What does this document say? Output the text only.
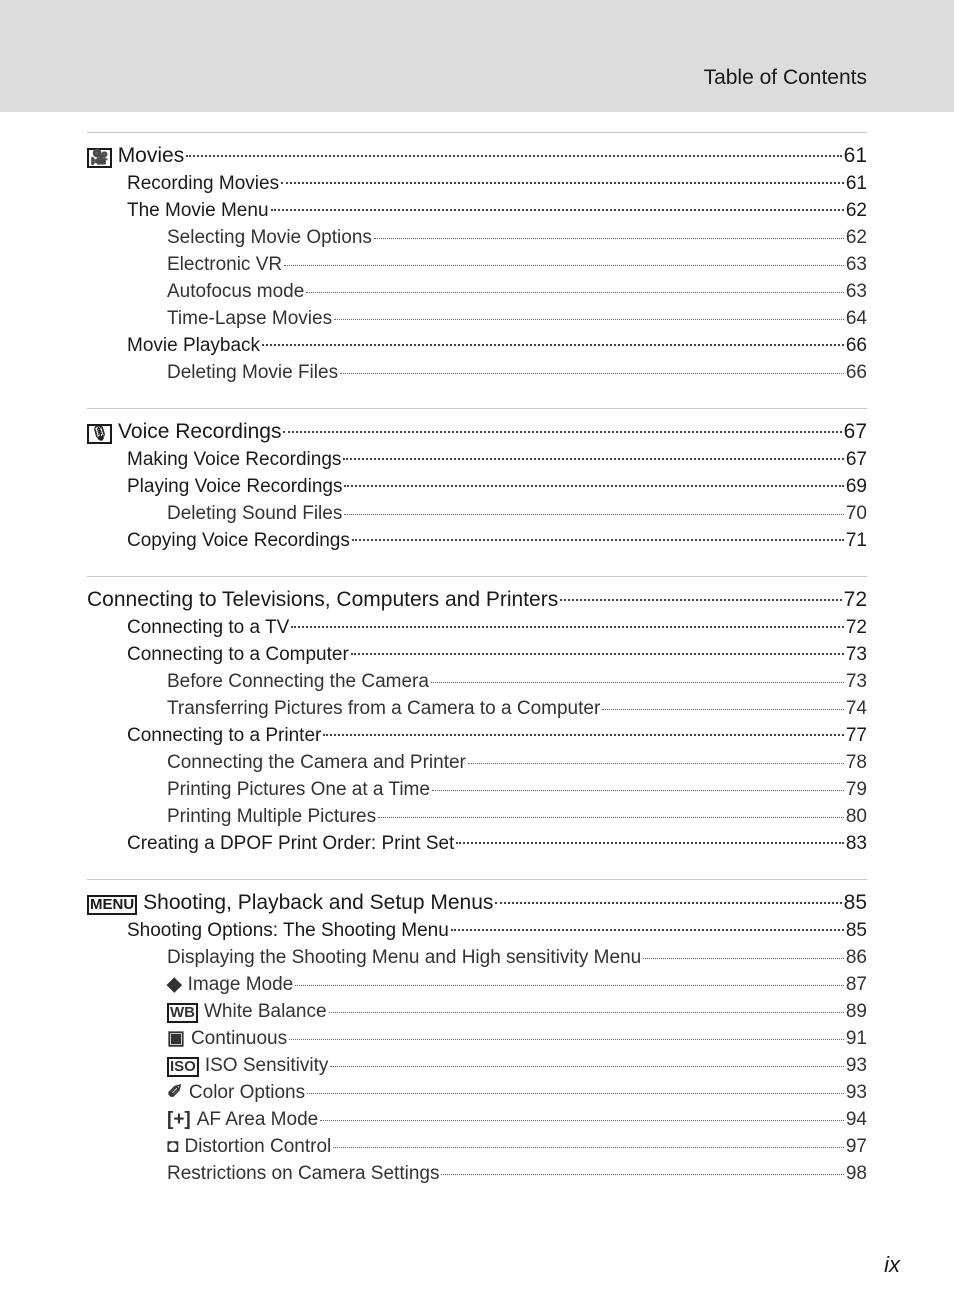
Table of Contents
🎥 Movies	61
Recording Movies	61
The Movie Menu	62
Selecting Movie Options	62
Electronic VR	63
Autofocus mode	63
Time-Lapse Movies	64
Movie Playback	66
Deleting Movie Files	66
🎙 Voice Recordings	67
Making Voice Recordings	67
Playing Voice Recordings	69
Deleting Sound Files	70
Copying Voice Recordings	71
Connecting to Televisions, Computers and Printers	72
Connecting to a TV	72
Connecting to a Computer	73
Before Connecting the Camera	73
Transferring Pictures from a Camera to a Computer	74
Connecting to a Printer	77
Connecting the Camera and Printer	78
Printing Pictures One at a Time	79
Printing Multiple Pictures	80
Creating a DPOF Print Order: Print Set	83
MENU Shooting, Playback and Setup Menus	85
Shooting Options: The Shooting Menu	85
Displaying the Shooting Menu and High sensitivity Menu	86
◆ Image Mode	87
WB White Balance	89
▣ Continuous	91
ISO ISO Sensitivity	93
✐ Color Options	93
[+] AF Area Mode	94
◘ Distortion Control	97
Restrictions on Camera Settings	98
ix
